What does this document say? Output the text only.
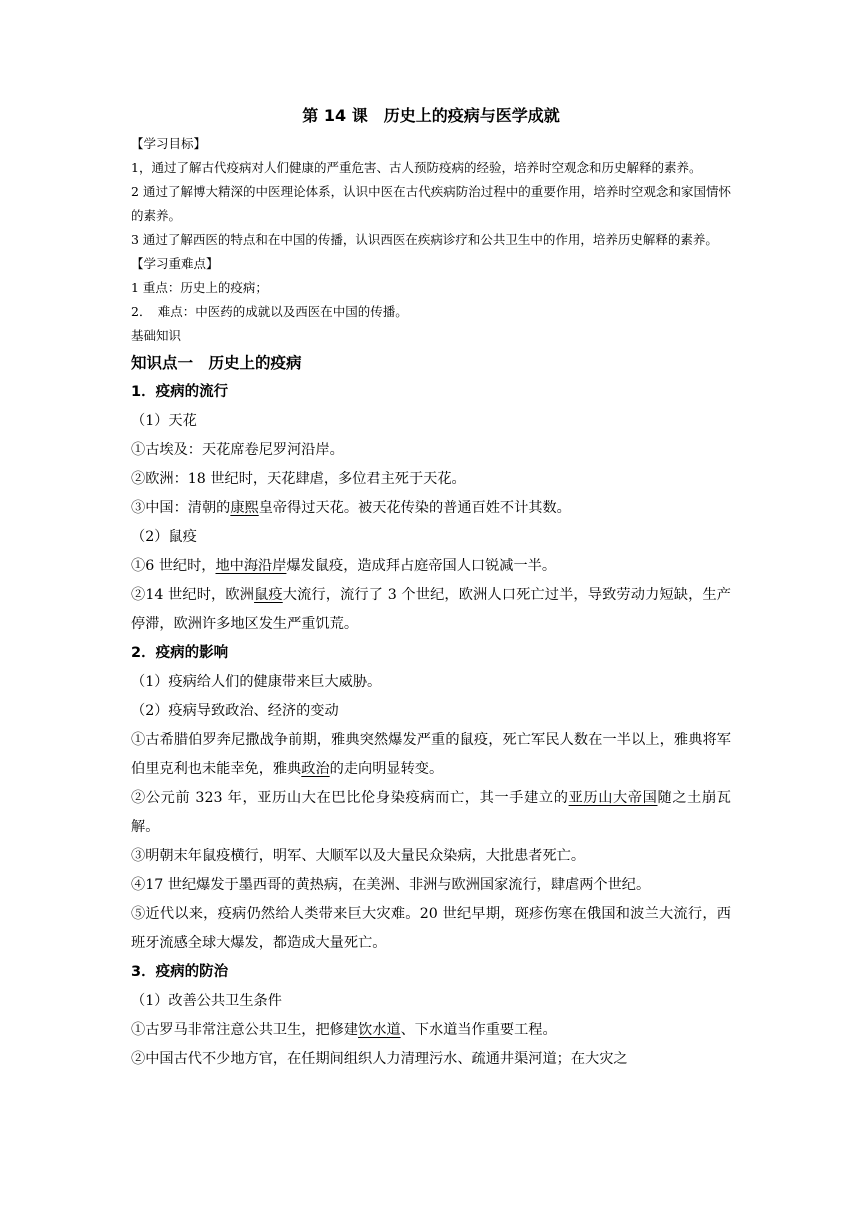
第 14 课　历史上的疫病与医学成就

【学习目标】

1，通过了解古代疫病对人们健康的严重危害、古人预防疫病的经验，培养时空观念和历史解释的素养。

2 通过了解博大精深的中医理论体系，认识中医在古代疾病防治过程中的重要作用，培养时空观念和家国情怀的素养。

3 通过了解西医的特点和在中国的传播，认识西医在疾病诊疗和公共卫生中的作用，培养历史解释的素养。

【学习重难点】

1 重点：历史上的疫病；

2．　难点：中医药的成就以及西医在中国的传播。

基础知识

知识点一　历史上的疫病
1．疫病的流行

（1）天花

①古埃及：天花席卷尼罗河沿岸。

②欧洲：18 世纪时，天花肆虐，多位君主死于天花。

③中国：清朝的康熙皇帝得过天花。被天花传染的普通百姓不计其数。

（2）鼠疫

①6 世纪时，地中海沿岸爆发鼠疫，造成拜占庭帝国人口锐减一半。

②14 世纪时，欧洲鼠疫大流行，流行了 3 个世纪，欧洲人口死亡过半，导致劳动力短缺，生产停滞，欧洲许多地区发生严重饥荒。

2．疫病的影响

（1）疫病给人们的健康带来巨大威胁。

（2）疫病导致政治、经济的变动

①古希腊伯罗奔尼撒战争前期，雅典突然爆发严重的鼠疫，死亡军民人数在一半以上，雅典将军伯里克利也未能幸免，雅典政治的走向明显转变。

②公元前 323 年，亚历山大在巴比伦身染疫病而亡，其一手建立的亚历山大帝国随之土崩瓦解。

③明朝末年鼠疫横行，明军、大顺军以及大量民众染病，大批患者死亡。

④17 世纪爆发于墨西哥的黄热病，在美洲、非洲与欧洲国家流行，肆虐两个世纪。

⑤近代以来，疫病仍然给人类带来巨大灾难。20 世纪早期，斑疹伤寒在俄国和波兰大流行，西班牙流感全球大爆发，都造成大量死亡。

3．疫病的防治

（1）改善公共卫生条件

①古罗马非常注意公共卫生，把修建饮水道、下水道当作重要工程。

②中国古代不少地方官，在任期间组织人力清理污水、疏通井渠河道；在大灾之
